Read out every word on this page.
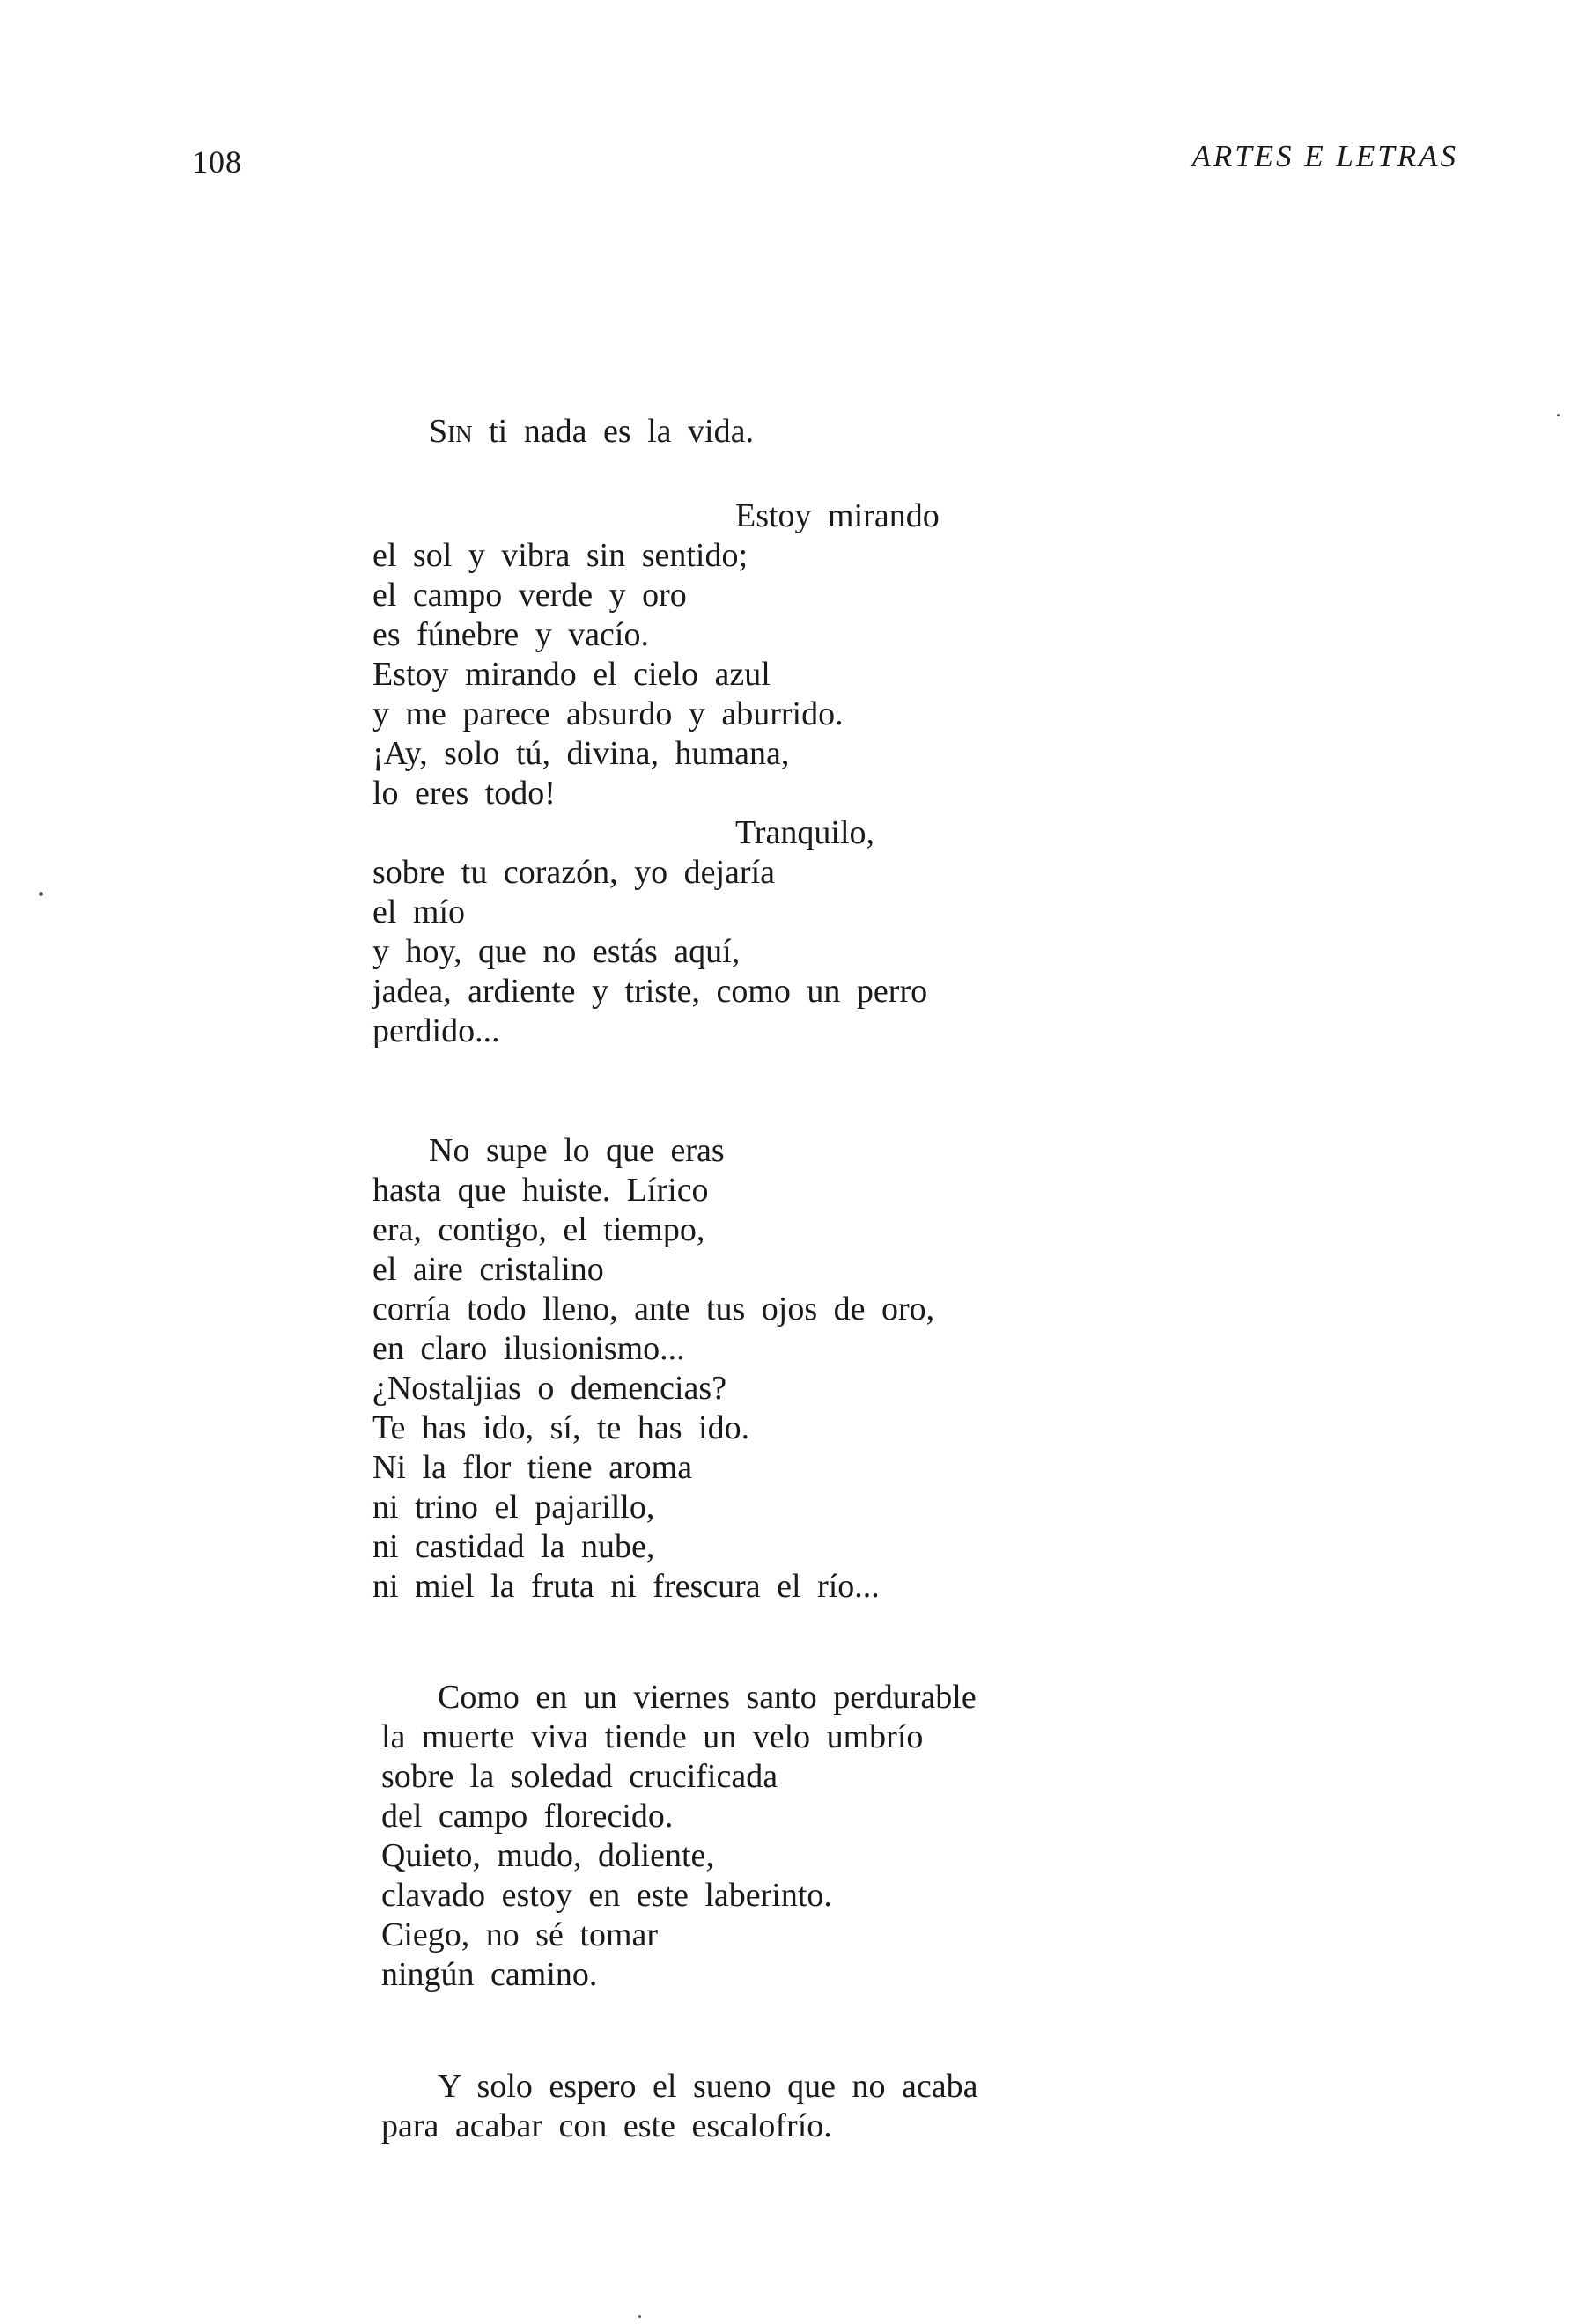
108	ARTES E LETRAS
Sin ti nada es la vida.
Estoy mirando
el sol y vibra sin sentido;
el campo verde y oro
es fúnebre y vacío.
Estoy mirando el cielo azul
y me parece absurdo y aburrido.
¡Ay, solo tú, divina, humana,
lo eres todo!
Tranquilo,
sobre tu corazón, yo dejaría
el mío
y hoy, que no estás aquí,
jadea, ardiente y triste, como un perro
perdido...
No supe lo que eras
hasta que huiste. Lírico
era, contigo, el tiempo,
el aire cristalino
corría todo lleno, ante tus ojos de oro,
en claro ilusionismo...
¿Nostaljias o demencias?
Te has ido, sí, te has ido.
Ni la flor tiene aroma
ni trino el pajarillo,
ni castidad la nube,
ni miel la fruta ni frescura el río...
Como en un viernes santo perdurable
la muerte viva tiende un velo umbrío
sobre la soledad crucificada
del campo florecido.
Quieto, mudo, doliente,
clavado estoy en este laberinto.
Ciego, no sé tomar
ningún camino.
Y solo espero el sueno que no acaba
para acabar con este escalofrío.
